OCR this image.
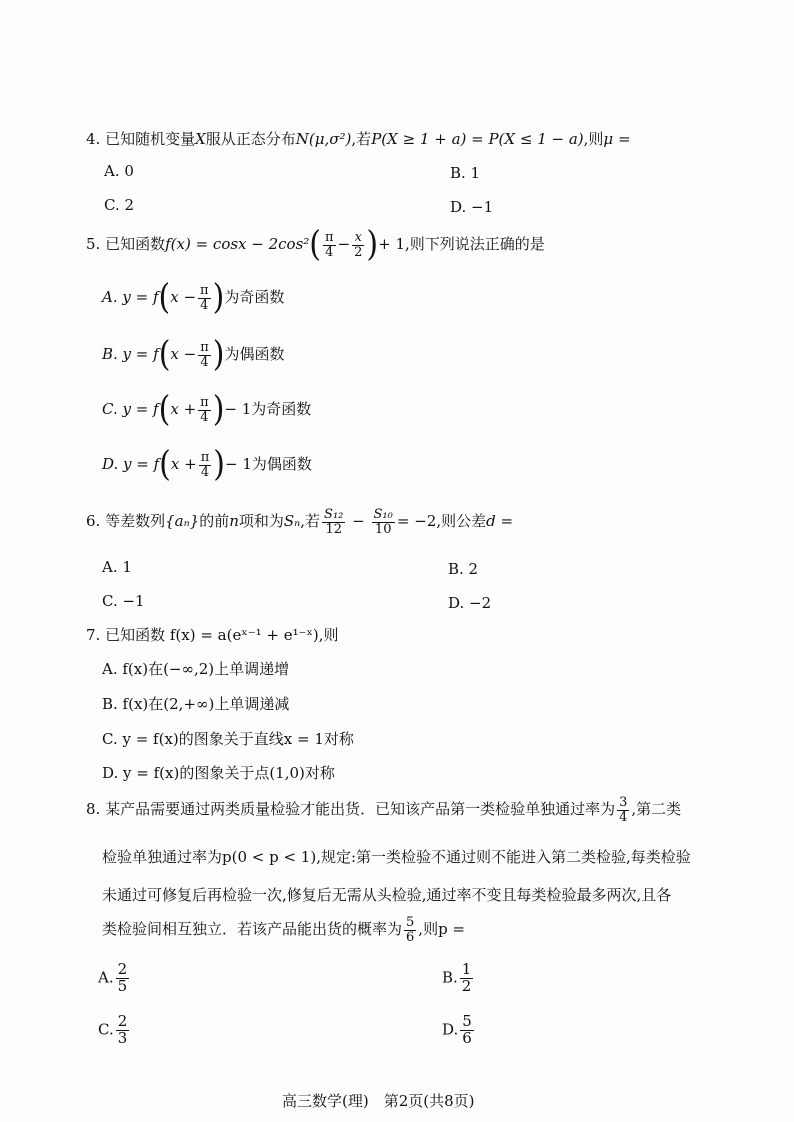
4. 已知随机变量X服从正态分布N(μ,σ²),若P(X ≥ 1 + a) = P(X ≤ 1 − a),则μ =
A. 0	B. 1
C. 2	D. −1
5. 已知函数$f(x) = \cos x - 2\cos^2( \frac{\pi}{4} - \frac{x}{2}$ )+ 1,则下列说法正确的是
A. $y = f(x - \frac{\pi}{4}$ )为奇函数
B. $y = f(x - \frac{\pi}{4}$ )为偶函数
C. $y = f(x + \frac{\pi}{4}$ )− 1为奇函数
D. $y = f(x + \frac{\pi}{4}$ )− 1为偶函数
6. 等差数列{aₙ}的前n项和为Sₙ,若 $\frac{\text{S₁₂}}{12} - \frac{\text{S₁₀}}{10} = -2$,则公差d =
A. 1	B. 2
C. −1	D. −2
7. 已知函数 f(x) = a(eˣ⁻¹ + e¹⁻ˣ),则
A. f(x)在(−∞,2)上单调递增
B. f(x)在(2,+∞)上单调递减
C. y = f(x)的图象关于直线x = 1对称
D. y = f(x)的图象关于点(1,0)对称
8. 某产品需要通过两类质量检验才能出货．已知该产品第一类检验单独通过率为 $\frac{3}{4}$ ,第二类
检验单独通过率为p(0 < p < 1),规定:第一类检验不通过则不能进入第二类检验,每类检验
未通过可修复后再检验一次,修复后无需从头检验,通过率不变且每类检验最多两次,且各
类检验间相互独立．若该产品能出货的概率为 $\frac{5}{6}$ ,则p =
A. $\frac{2}{5}$	B. $\frac{1}{2}$
C. $\frac{2}{3}$	D. $\frac{5}{6}$
高三数学(理)　第2页(共8页)
